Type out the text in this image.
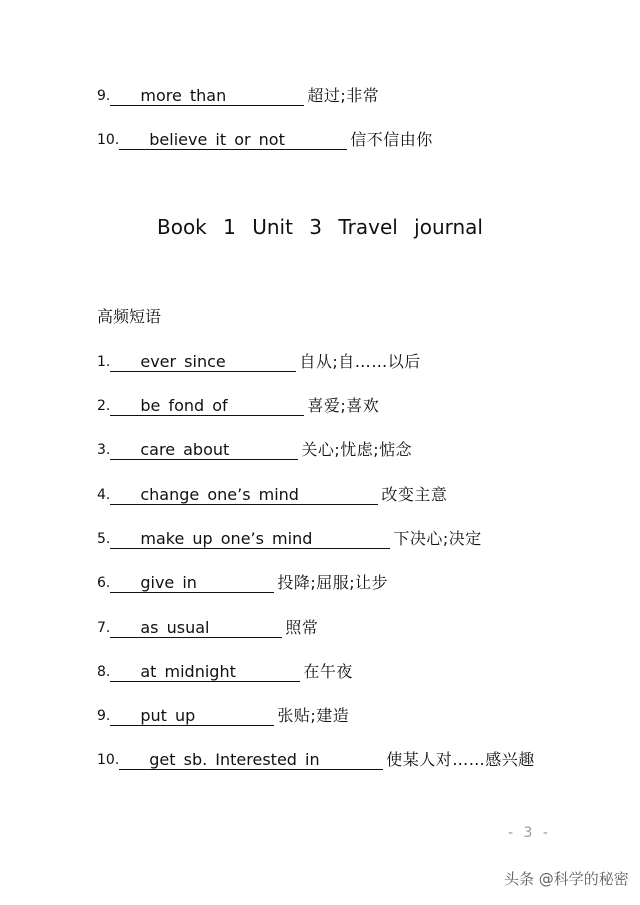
9.	more than	超过;非常
10.	believe it or not	信不信由你
Book 1 Unit 3 Travel journal
高频短语
1.	ever since	自从;自……以后
2.	be fond of	喜爱;喜欢
3.	care about	关心;忧虑;惦念
4.	change one’s mind	改变主意
5.	make up one’s mind	下决心;决定
6.	give in	投降;屈服;让步
7.	as usual	照常
8.	at midnight	在午夜
9.	put up	张贴;建造
10.	get sb. Interested in	使某人对……感兴趣
- 3 -
头条 @科学的秘密
